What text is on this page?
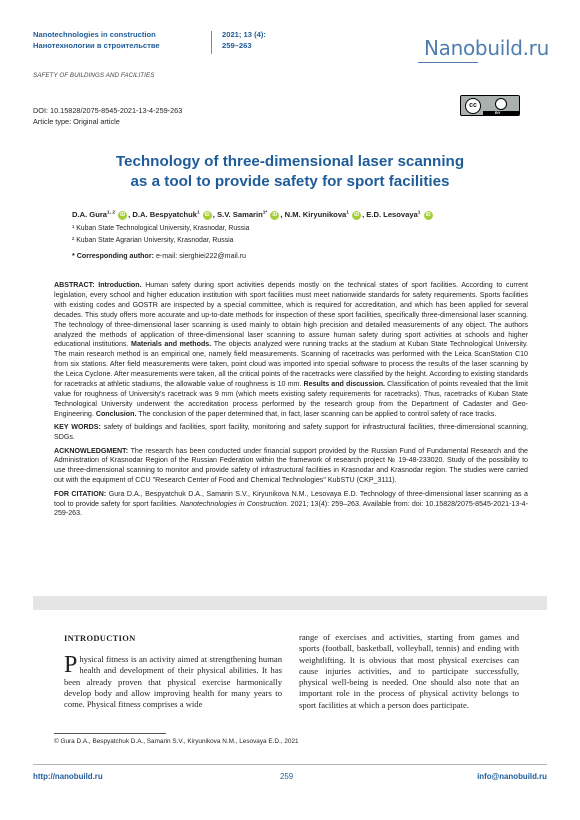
Nanotechnologies in construction
Нанотехнологии в строительстве
2021; 13 (4):
259–263	Nanobuild.ru
SAFETY OF BUILDINGS AND FACILITIES
DOI: 10.15828/2075-8545-2021-13-4-259-263
Article type: Original article
cc
BY
Technology of three-dimensional laser scanning
as a tool to provide safety for sport facilities
D.A. Gura$^{1, 2}$ iD , D.A. Bespyatchuk$^1$ iD , S.V. Samarin$^{1*}$ iD , N.M. Kiryunikova$^1$ iD , E.D. Lesovaya$^1$ iD
¹ Kuban State Technological University, Krasnodar, Russia
² Kuban State Agrarian University, Krasnodar, Russia
* Corresponding author: e-mail: sierghiei222@mail.ru

ABSTRACT: Introduction. Human safety during sport activities depends mostly on the technical states of sport facilities. According to current legislation, every school and higher education institution with sport facilities must meet nationwide standards for safety requirements. Sports facilities with existing codes and GOSTR are inspected by a special committee, which is required for accreditation, and which has been applied for several decades. This study offers more accurate and up-to-date methods for inspection of these sport facilities, specifically three-dimensional laser scanning. The technology of three-dimensional laser scanning is used mainly to obtain high precision and detailed measurements of any object. The authors analyzed the methods of application of three-dimensional laser scanning to assure human safety during sport activities at schools and higher educational institutions. Materials and methods. The objects analyzed were running tracks at the stadium at Kuban State Technological University. The main research method is an empirical one, namely field measurements. Scanning of racetracks was performed with the Leica ScanStation C10 from six stations. After field measurements were taken, point cloud was imported into special software to process the results of the laser scanning by the Leica Cyclone. After measurements were taken, all the critical points of the racetracks were classified by the height. According to existing standards for racetracks at athletic stadiums, the allowable value of roughness is 10 mm. Results and discussion. Classification of points revealed that the limit value for roughness of University’s racetrack was 9 mm (which meets existing safety requirements for racetracks). Thus, racetracks of Kuban State Technological University underwent the accreditation process performed by the research group from the Department of Cadaster and Geo-Engineering. Conclusion. The conclusion of the paper determined that, in fact, laser scanning can be applied to control safety of race tracks.

KEY WORDS: safety of buildings and facilities, sport facility, monitoring and safety support for infrastructural facilities, three-dimensional scanning, SDGs.

ACKNOWLEDGMENT: The research has been conducted under financial support provided by the Russian Fund of Fundamental Research and the Administration of Krasnodar Region of the Russian Federation within the framework of research project № 19-48-233020. Study of the possibility to use three-dimensional scanning to monitor and provide safety of infrastructural facilities in Krasnodar and Krasnodar region. The studies were carried out with the equipment of CCU "Research Center of Food and Chemical Technologies" KubSTU (CKP_3111).

FOR CITATION: Gura D.A., Bespyatchuk D.A., Samarin S.V., Kiryunikova N.M., Lesovaya E.D. Technology of three-dimensional laser scanning as a tool to provide safety for sport facilities. Nanotechnologies in Construction. 2021; 13(4): 259–263. Available from: doi: 10.15828/2075-8545-2021-13-4-259-263.

INTRODUCTION
Physical fitness is an activity aimed at strengthening human health and development of their physical abilities. It has been already proven that physical exercise harmonically develop body and allow improving health for many years to come. Physical fitness comprises a wide
range of exercises and activities, starting from games and sports (football, basketball, volleyball, tennis) and ending with weightlifting. It is obvious that most physical exercises can cause injuries activities, and to participate successfully, physical well-being is needed. One should also note that an important role in the process of physical activity belongs to sport facilities at which a person does participate.
© Gura D.A., Bespyatchuk D.A., Samarin S.V., Kiryunikova N.M., Lesovaya E.D., 2021
http://nanobuild.ru	259	info@nanobuild.ru
